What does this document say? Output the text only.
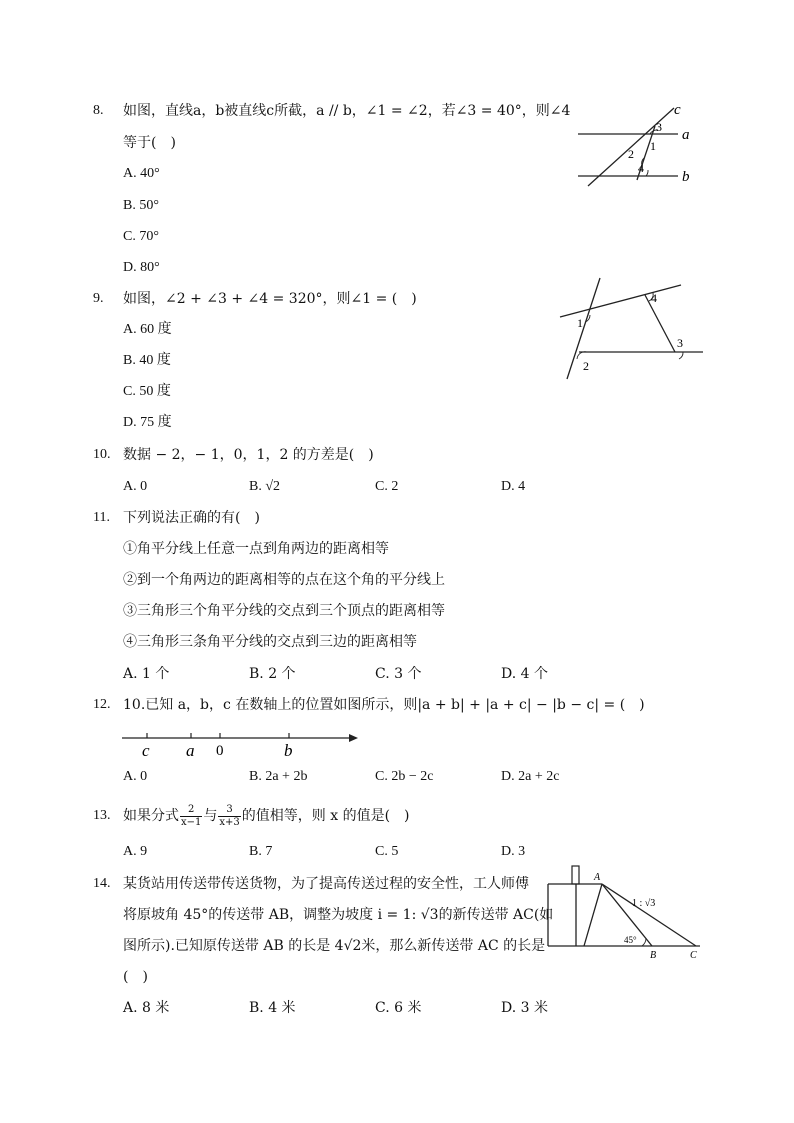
8. 如图，直线a，b被直线c所截，a // b，∠1 = ∠2，若∠3 = 40°，则∠4
等于(　)
A. 40°
B. 50°
C. 70°
D. 80°
c
a
b
3
1
2
4
9. 如图，∠2 + ∠3 + ∠4 = 320°，则∠1 = (　)
A. 60 度
B. 40 度
C. 50 度
D. 75 度
1
2
3
4
10. 数据 − 2，− 1，0，1，2 的方差是(　)
A. 0	B. √2	C. 2	D. 4
11. 下列说法正确的有(　)
①角平分线上任意一点到角两边的距离相等
②到一个角两边的距离相等的点在这个角的平分线上
③三角形三个角平分线的交点到三个顶点的距离相等
④三角形三条角平分线的交点到三边的距离相等
A. 1 个	B. 2 个	C. 3 个	D. 4 个
12. 10.已知 a，b，c 在数轴上的位置如图所示，则|a + b| + |a + c| − |b − c| = (　)
c a 0	b
A. 0	B. 2a + 2b	C. 2b − 2c	D. 2a + 2c
13. 如果分式 $\frac{2}{x-1}$ 与 $\frac{3}{x+3}$ 的值相等，则 x 的值是(　)
A. 9	B. 7	C. 5	D. 3
14. 某货站用传送带传送货物，为了提高传送过程的安全性，工人师傅
将原坡角 45°的传送带 AB，调整为坡度 i = 1: √3的新传送带 AC(如
图所示).已知原传送带 AB 的长是 4√2米，那么新传送带 AC 的长是
(　)
A. 8 米	B. 4 米	C. 6 米	D. 3 米
A
B	C
1 : √3
45°
